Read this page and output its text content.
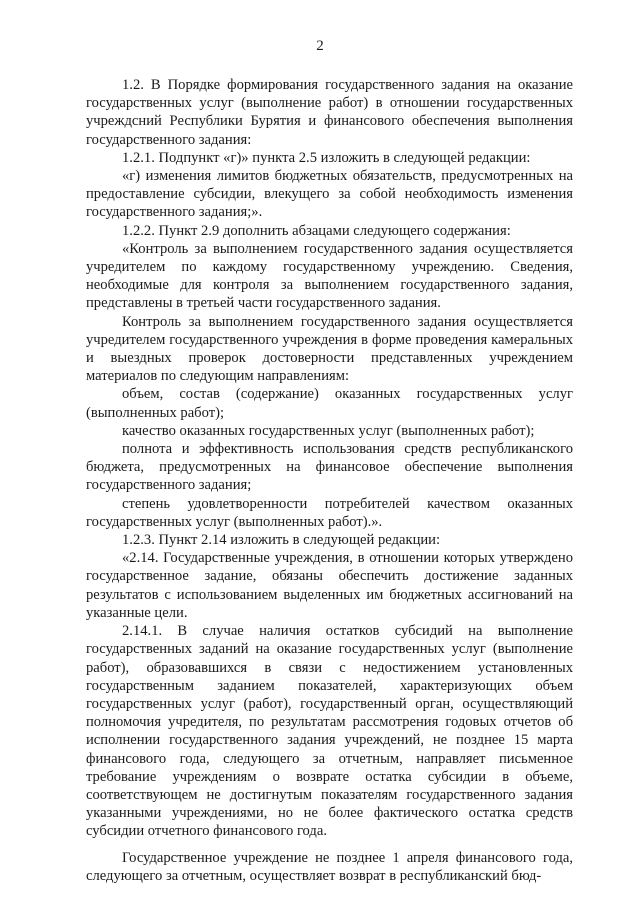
2

1.2. В Порядке формирования государственного задания на оказание государственных услуг (выполнение работ) в отношении государственных учреждсний Республики Бурятия и финансового обеспечения выполнения государственного задания:

1.2.1. Подпункт «г)» пункта 2.5 изложить в следующей редакции:

«г) изменения лимитов бюджетных обязательств, предусмотренных на предоставление субсидии, влекущего за собой необходимость изменения государственного задания;».

1.2.2. Пункт 2.9 дополнить абзацами следующего содержания:

«Контроль за выполнением государственного задания осуществляется учредителем по каждому государственному учреждению. Сведения, необходимые для контроля за выполнением государственного задания, представлены в третьей части государственного задания.

Контроль за выполнением государственного задания осуществляется учредителем государственного учреждения в форме проведения камеральных и выездных проверок достоверности представленных учреждением материалов по следующим направлениям:

объем, состав (содержание) оказанных государственных услуг (выполненных работ);

качество оказанных государственных услуг (выполненных работ);

полнота и эффективность использования средств республиканского бюджета, предусмотренных на финансовое обеспечение выполнения государственного задания;

степень удовлетворенности потребителей качеством оказанных государственных услуг (выполненных работ).».

1.2.3. Пункт 2.14 изложить в следующей редакции:

«2.14. Государственные учреждения, в отношении которых утверждено государственное задание, обязаны обеспечить достижение заданных результатов с использованием выделенных им бюджетных ассигнований на указанные цели.

2.14.1. В случае наличия остатков субсидий на выполнение государственных заданий на оказание государственных услуг (выполнение работ), образовавшихся в связи с недостижением установленных государственным заданием показателей, характеризующих объем государственных услуг (работ), государственный орган, осуществляющий полномочия учредителя, по результатам рассмотрения годовых отчетов об исполнении государственного задания учреждений, не позднее 15 марта финансового года, следующего за отчетным, направляет письменное требование учреждениям о возврате остатка субсидии в объеме, соответствующем не достигнутым показателям государственного задания указанными учреждениями, но не более фактического остатка средств субсидии отчетного финансового года.

Государственное учреждение не позднее 1 апреля финансового года, следующего за отчетным, осуществляет возврат в республиканский бюд-
